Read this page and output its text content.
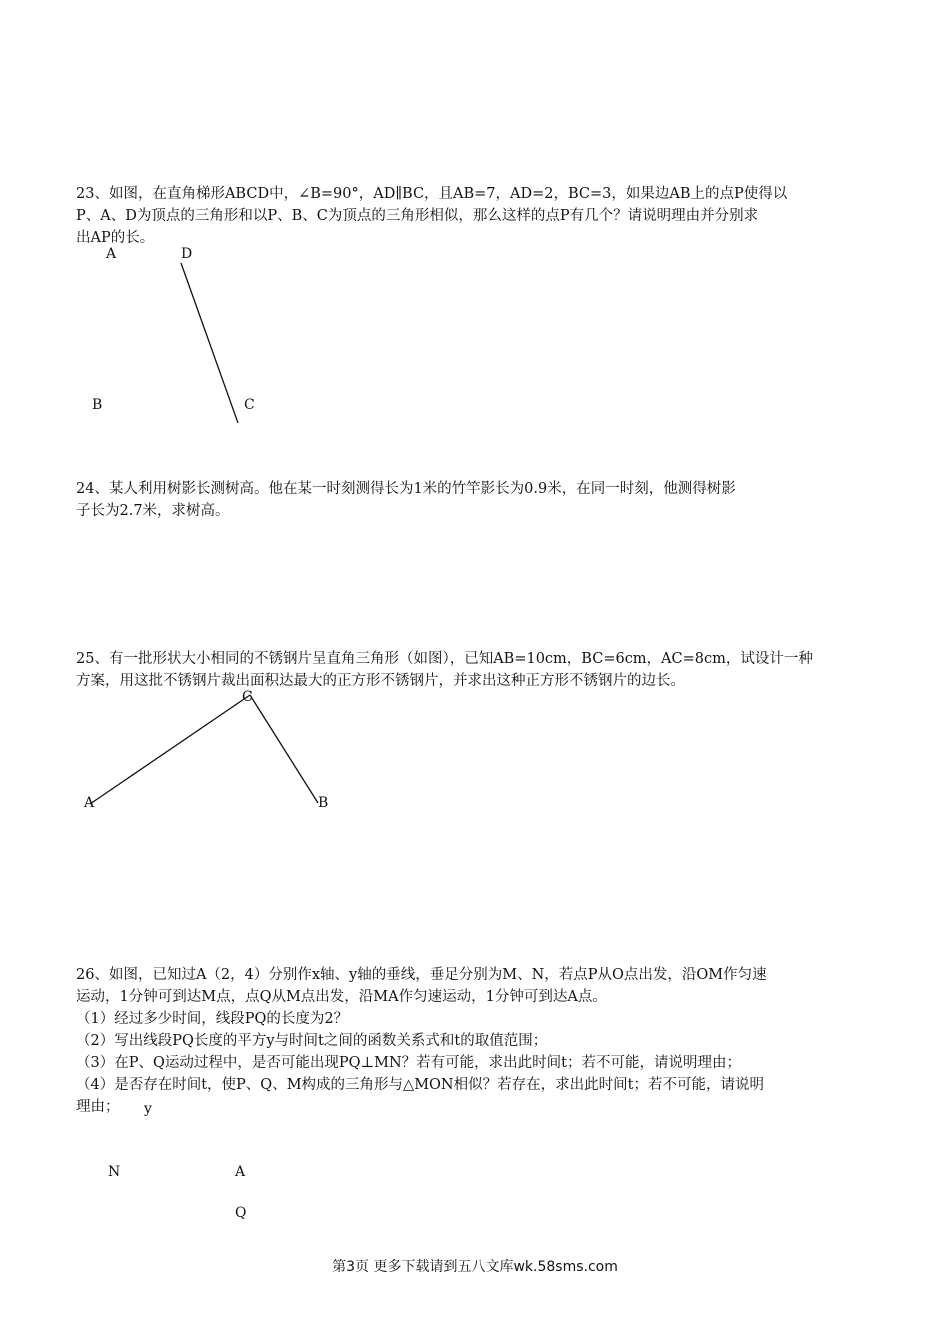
23、如图，在直角梯形ABCD中，∠B=90°，AD∥BC，且AB=7，AD=2，BC=3，如果边AB上的点P使得以
P、A、D为顶点的三角形和以P、B、C为顶点的三角形相似，那么这样的点P有几个？请说明理由并分别求
出AP的长。
A	D
B	C
24、某人利用树影长测树高。他在某一时刻测得长为1米的竹竿影长为0.9米，在同一时刻，他测得树影
子长为2.7米，求树高。
25、有一批形状大小相同的不锈钢片呈直角三角形（如图），已知AB=10cm，BC=6cm，AC=8cm，试设计一种
方案，用这批不锈钢片裁出面积达最大的正方形不锈钢片，并求出这种正方形不锈钢片的边长。
C
A	B
26、如图，已知过A（2，4）分别作x轴、y轴的垂线，垂足分别为M、N，若点P从O点出发，沿OM作匀速
运动，1分钟可到达M点，点Q从M点出发，沿MA作匀速运动，1分钟可到达A点。
（1）经过多少时间，线段PQ的长度为2？
（2）写出线段PQ长度的平方y与时间t之间的函数关系式和t的取值范围；
（3）在P、Q运动过程中，是否可能出现PQ⊥MN？若有可能，求出此时间t；若不可能，请说明理由；
（4）是否存在时间t，使P、Q、M构成的三角形与△MON相似？若存在，求出此时间t；若不可能，请说明
理由；	y
N	A
Q
第3页 更多下载请到五八文库wk.58sms.com
